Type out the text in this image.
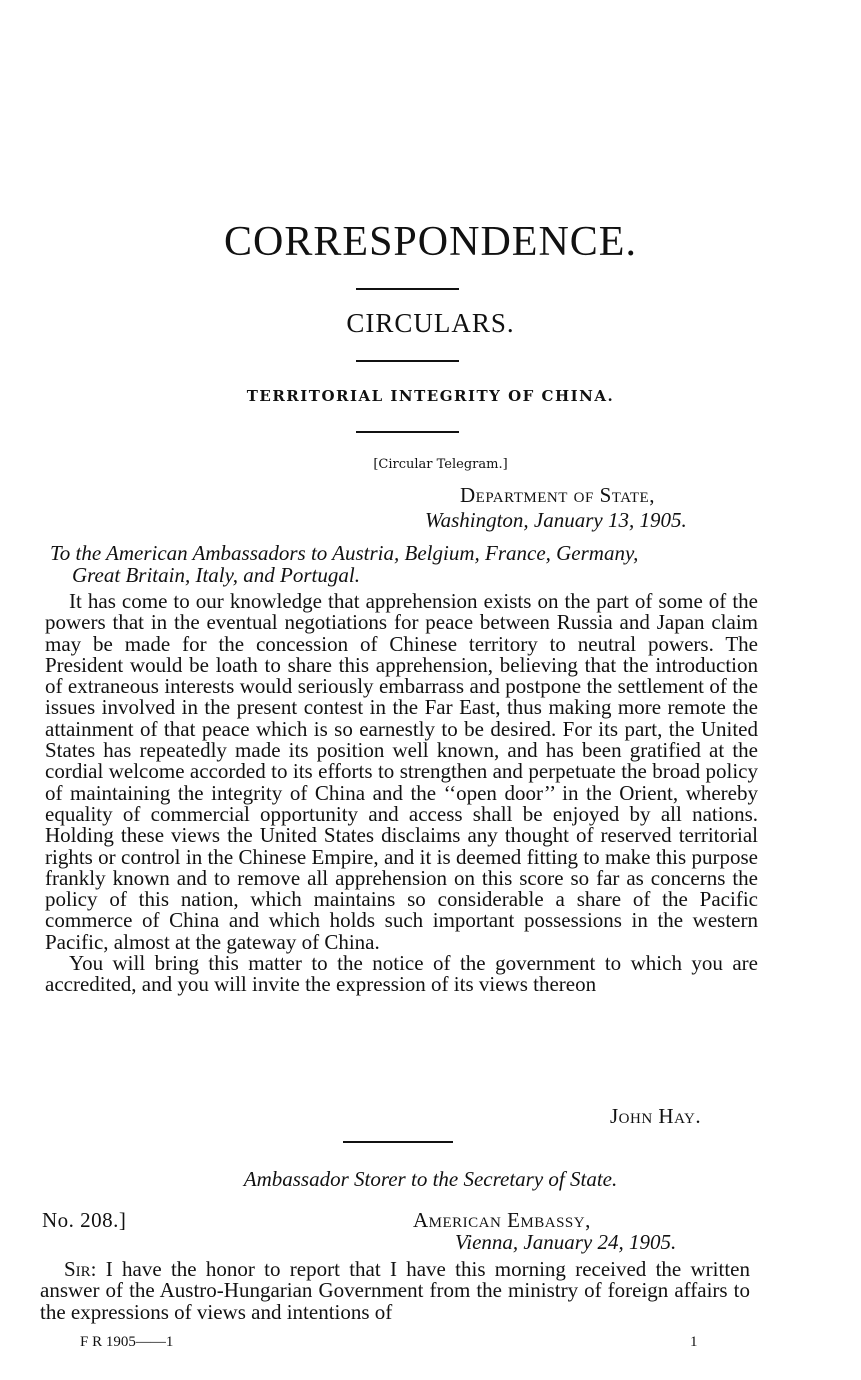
CORRESPONDENCE.
CIRCULARS.
TERRITORIAL INTEGRITY OF CHINA.
[Circular Telegram.]
Department of State,
Washington, January 13, 1905.
To the American Ambassadors to Austria, Belgium, France, Germany,
Great Britain, Italy, and Portugal.

It has come to our knowledge that apprehension exists on the part of some of the powers that in the eventual negotiations for peace between Russia and Japan claim may be made for the concession of Chinese territory to neutral powers. The President would be loath to share this apprehension, believing that the introduction of extraneous interests would seriously embarrass and postpone the settlement of the issues involved in the present contest in the Far East, thus making more remote the attainment of that peace which is so earnestly to be desired. For its part, the United States has repeatedly made its position well known, and has been gratified at the cordial welcome accorded to its efforts to strengthen and perpetuate the broad policy of maintaining the integrity of China and the ‘‘open door’’ in the Orient, whereby equality of commercial opportunity and access shall be enjoyed by all nations. Holding these views the United States disclaims any thought of reserved territorial rights or control in the Chinese Empire, and it is deemed fitting to make this purpose frankly known and to remove all apprehension on this score so far as concerns the policy of this nation, which maintains so considerable a share of the Pacific commerce of China and which holds such important possessions in the western Pacific, almost at the gateway of China.

You will bring this matter to the notice of the government to which you are accredited, and you will invite the expression of its views thereon

John Hay.
Ambassador Storer to the Secretary of State.
No. 208.]	American Embassy,
Vienna, January 24, 1905.

Sir: I have the honor to report that I have this morning received the written answer of the Austro-Hungarian Government from the ministry of foreign affairs to the expressions of views and intentions of

F R 1905——1	1
